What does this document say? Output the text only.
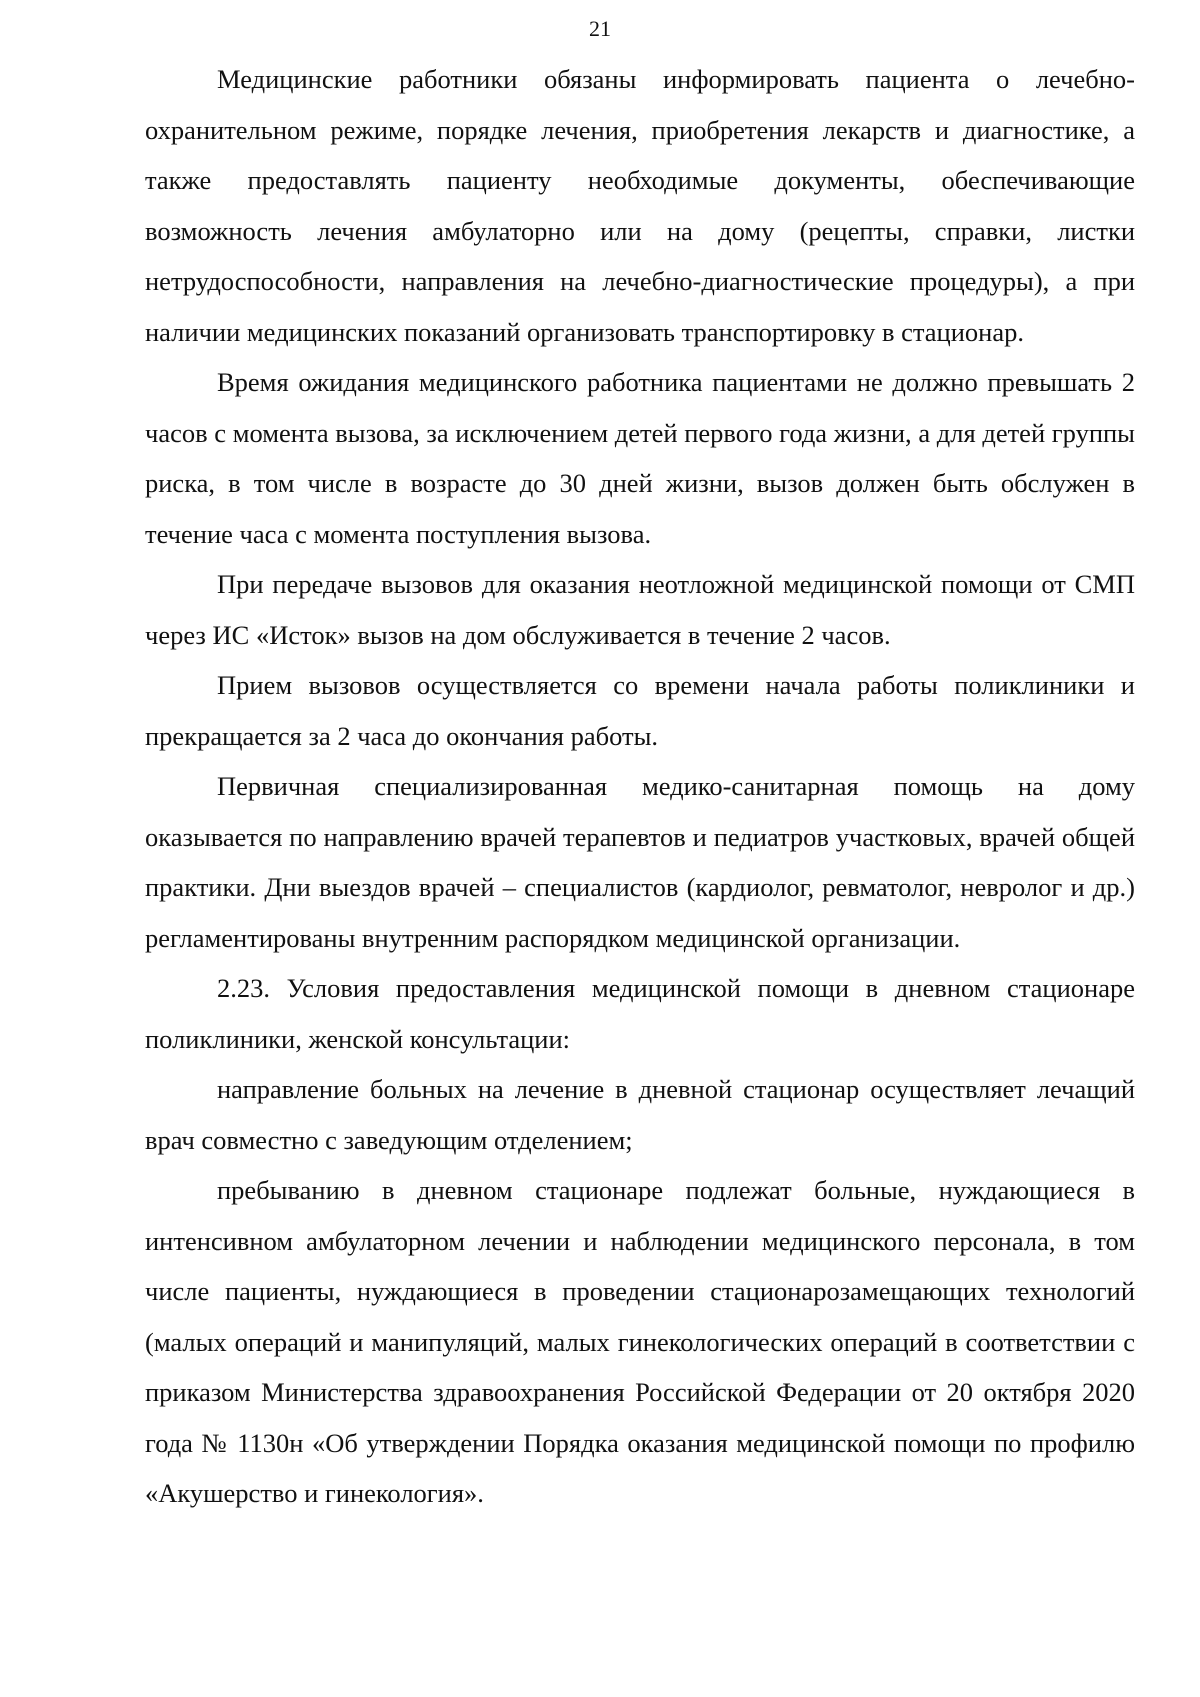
21

Медицинские работники обязаны информировать пациента о лечебно-охранительном режиме, порядке лечения, приобретения лекарств и диагностике, а также предоставлять пациенту необходимые документы, обеспечивающие возможность лечения амбулаторно или на дому (рецепты, справки, листки нетрудоспособности, направления на лечебно-диагностические процедуры), а при наличии медицинских показаний организовать транспортировку в стационар.

Время ожидания медицинского работника пациентами не должно превышать 2 часов с момента вызова, за исключением детей первого года жизни, а для детей группы риска, в том числе в возрасте до 30 дней жизни, вызов должен быть обслужен в течение часа с момента поступления вызова.

При передаче вызовов для оказания неотложной медицинской помощи от СМП через ИС «Исток» вызов на дом обслуживается в течение 2 часов.

Прием вызовов осуществляется со времени начала работы поликлиники и прекращается за 2 часа до окончания работы.

Первичная специализированная медико-санитарная помощь на дому оказывается по направлению врачей терапевтов и педиатров участковых, врачей общей практики. Дни выездов врачей – специалистов (кардиолог, ревматолог, невролог и др.) регламентированы внутренним распорядком медицинской организации.

2.23. Условия предоставления медицинской помощи в дневном стационаре поликлиники, женской консультации:

направление больных на лечение в дневной стационар осуществляет лечащий врач совместно с заведующим отделением;

пребыванию в дневном стационаре подлежат больные, нуждающиеся в интенсивном амбулаторном лечении и наблюдении медицинского персонала, в том числе пациенты, нуждающиеся в проведении стационарозамещающих технологий (малых операций и манипуляций, малых гинекологических операций в соответствии с приказом Министерства здравоохранения Российской Федерации от 20 октября 2020 года № 1130н «Об утверждении Порядка оказания медицинской помощи по профилю «Акушерство и гинекология».
